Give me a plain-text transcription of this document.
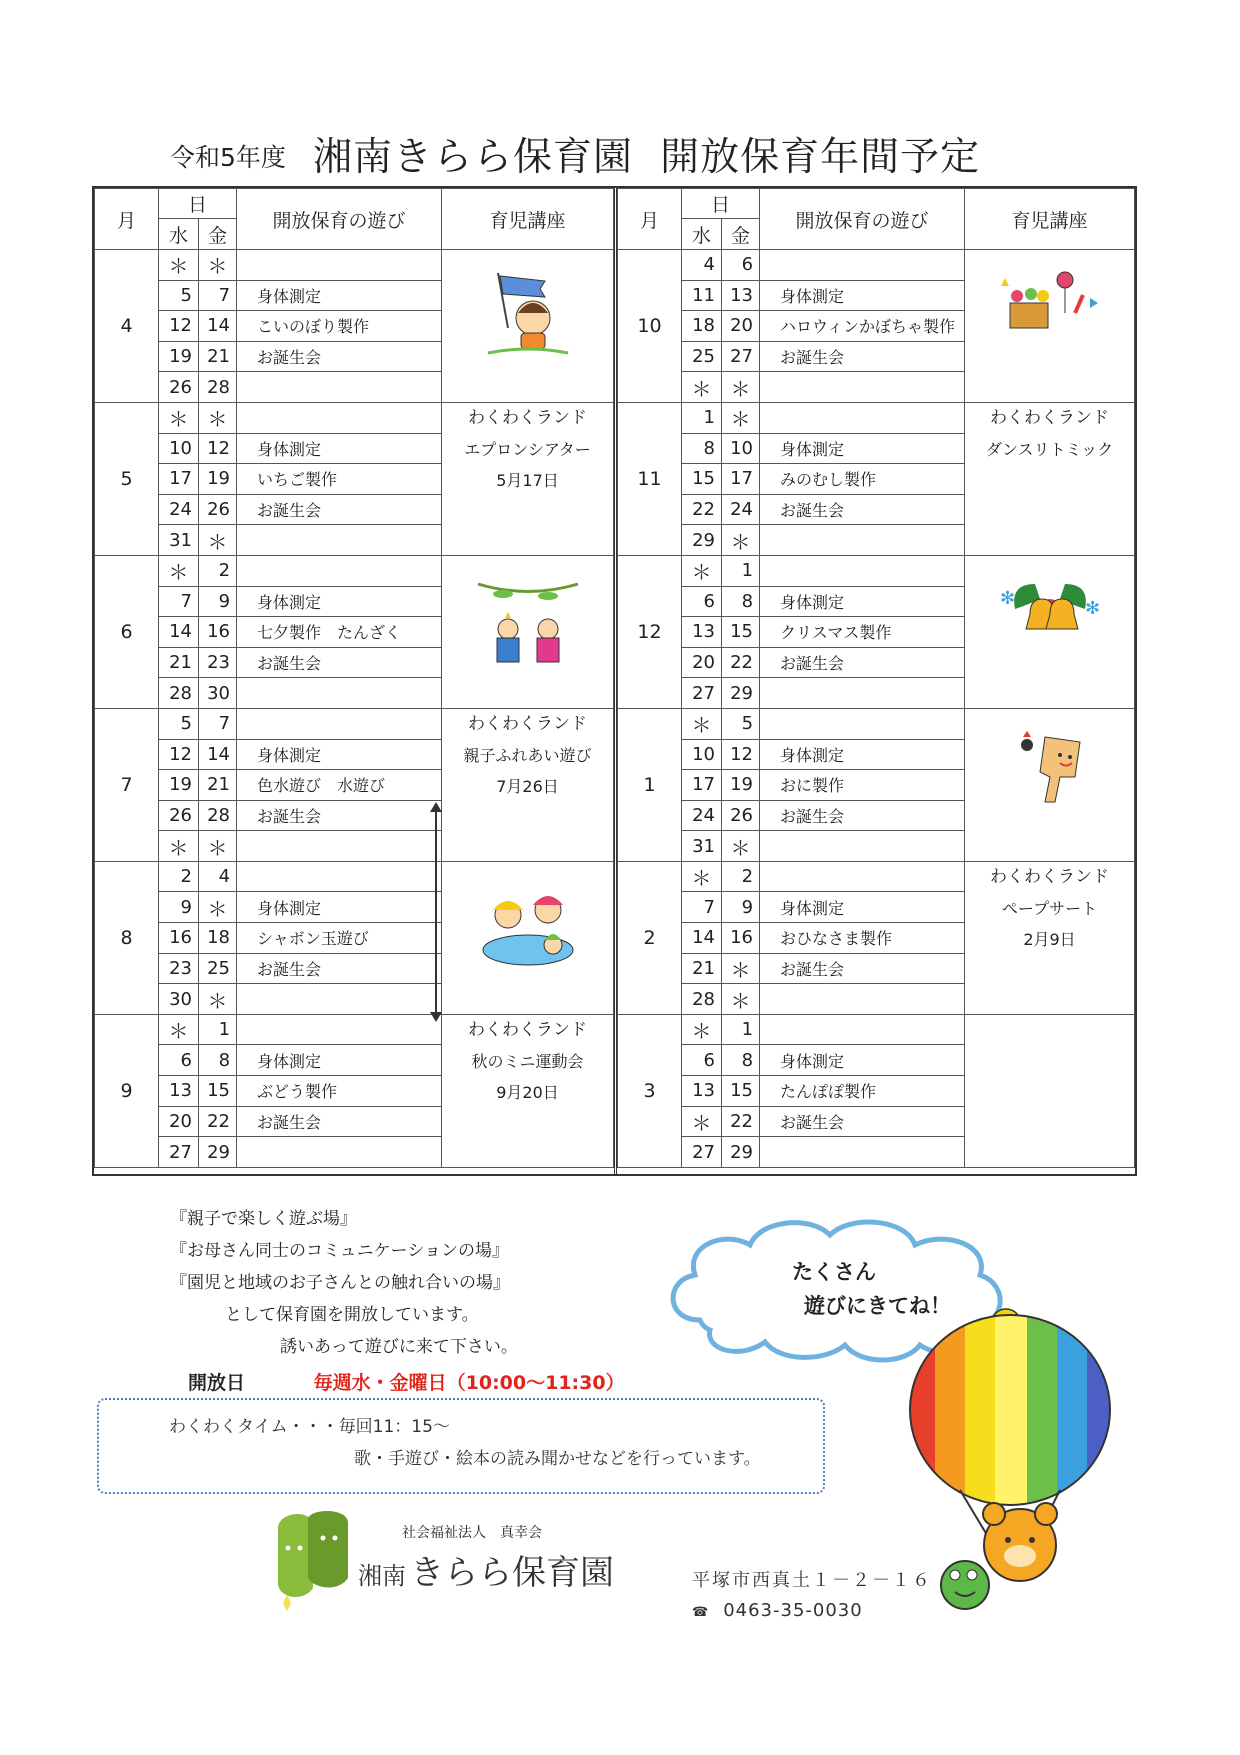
令和5年度 湘南きらら保育園 開放保育年間予定
月	日		開放保育の遊び	育児講座
	水	金		
4	＊	＊		
	5	7	身体測定	
	12	14	こいのぼり製作	
	19	21	お誕生会	
	26	28		
5	＊	＊		わくわくランド
エプロンシアター
5月17日

	10	12	身体測定	
	17	19	いちご製作	
	24	26	お誕生会	
	31	＊		
6	＊	2		
	7	9	身体測定	
	14	16	七夕製作　たんざく	
	21	23	お誕生会	
	28	30		
7	5	7		わくわくランド
親子ふれあい遊び
7月26日

	12	14	身体測定	
	19	21	色水遊び　水遊び	
	26	28	お誕生会	
	＊	＊		
8	2	4		
	9	＊	身体測定	
	16	18	シャボン玉遊び	
	23	25	お誕生会	
	30	＊		
9	＊	1		わくわくランド
秋のミニ運動会
9月20日

	6	8	身体測定	
	13	15	ぶどう製作	
	20	22	お誕生会	
	27	29		
月	日		開放保育の遊び	育児講座
	水	金		
10	4	6		
	11	13	身体測定	
	18	20	ハロウィンかぼちゃ製作	
	25	27	お誕生会	
	＊	＊		
11	1	＊		わくわくランド
ダンスリトミック

	8	10	身体測定	
	15	17	みのむし製作	
	22	24	お誕生会	
	29	＊		
12	＊	1		✻ ✻

	6	8	身体測定	
	13	15	クリスマス製作	
	20	22	お誕生会	
	27	29		
1	＊	5		
	10	12	身体測定	
	17	19	おに製作	
	24	26	お誕生会	
	31	＊		
2	＊	2		わくわくランド
ペープサート
2月9日

	7	9	身体測定	
	14	16	おひなさま製作	
	21	＊	お誕生会	
	28	＊		
3	＊	1		
	6	8	身体測定	
	13	15	たんぽぽ製作	
	＊	22	お誕生会	
	27	29		
『親子で楽しく遊ぶ場』
『お母さん同士のコミュニケーションの場』
『園児と地域のお子さんとの触れ合いの場』
として保育園を開放しています。
誘いあって遊びに来て下さい。
開放日	毎週水・金曜日（10:00～11:30）
わくわくタイム・・・毎回11：15～
歌・手遊び・絵本の読み聞かせなどを行っています。
たくさん
遊びにきてね！
社会福祉法人　真幸会
湘南 きらら保育園	平塚市西真土１－２－１６
☎ 0463-35-0030
